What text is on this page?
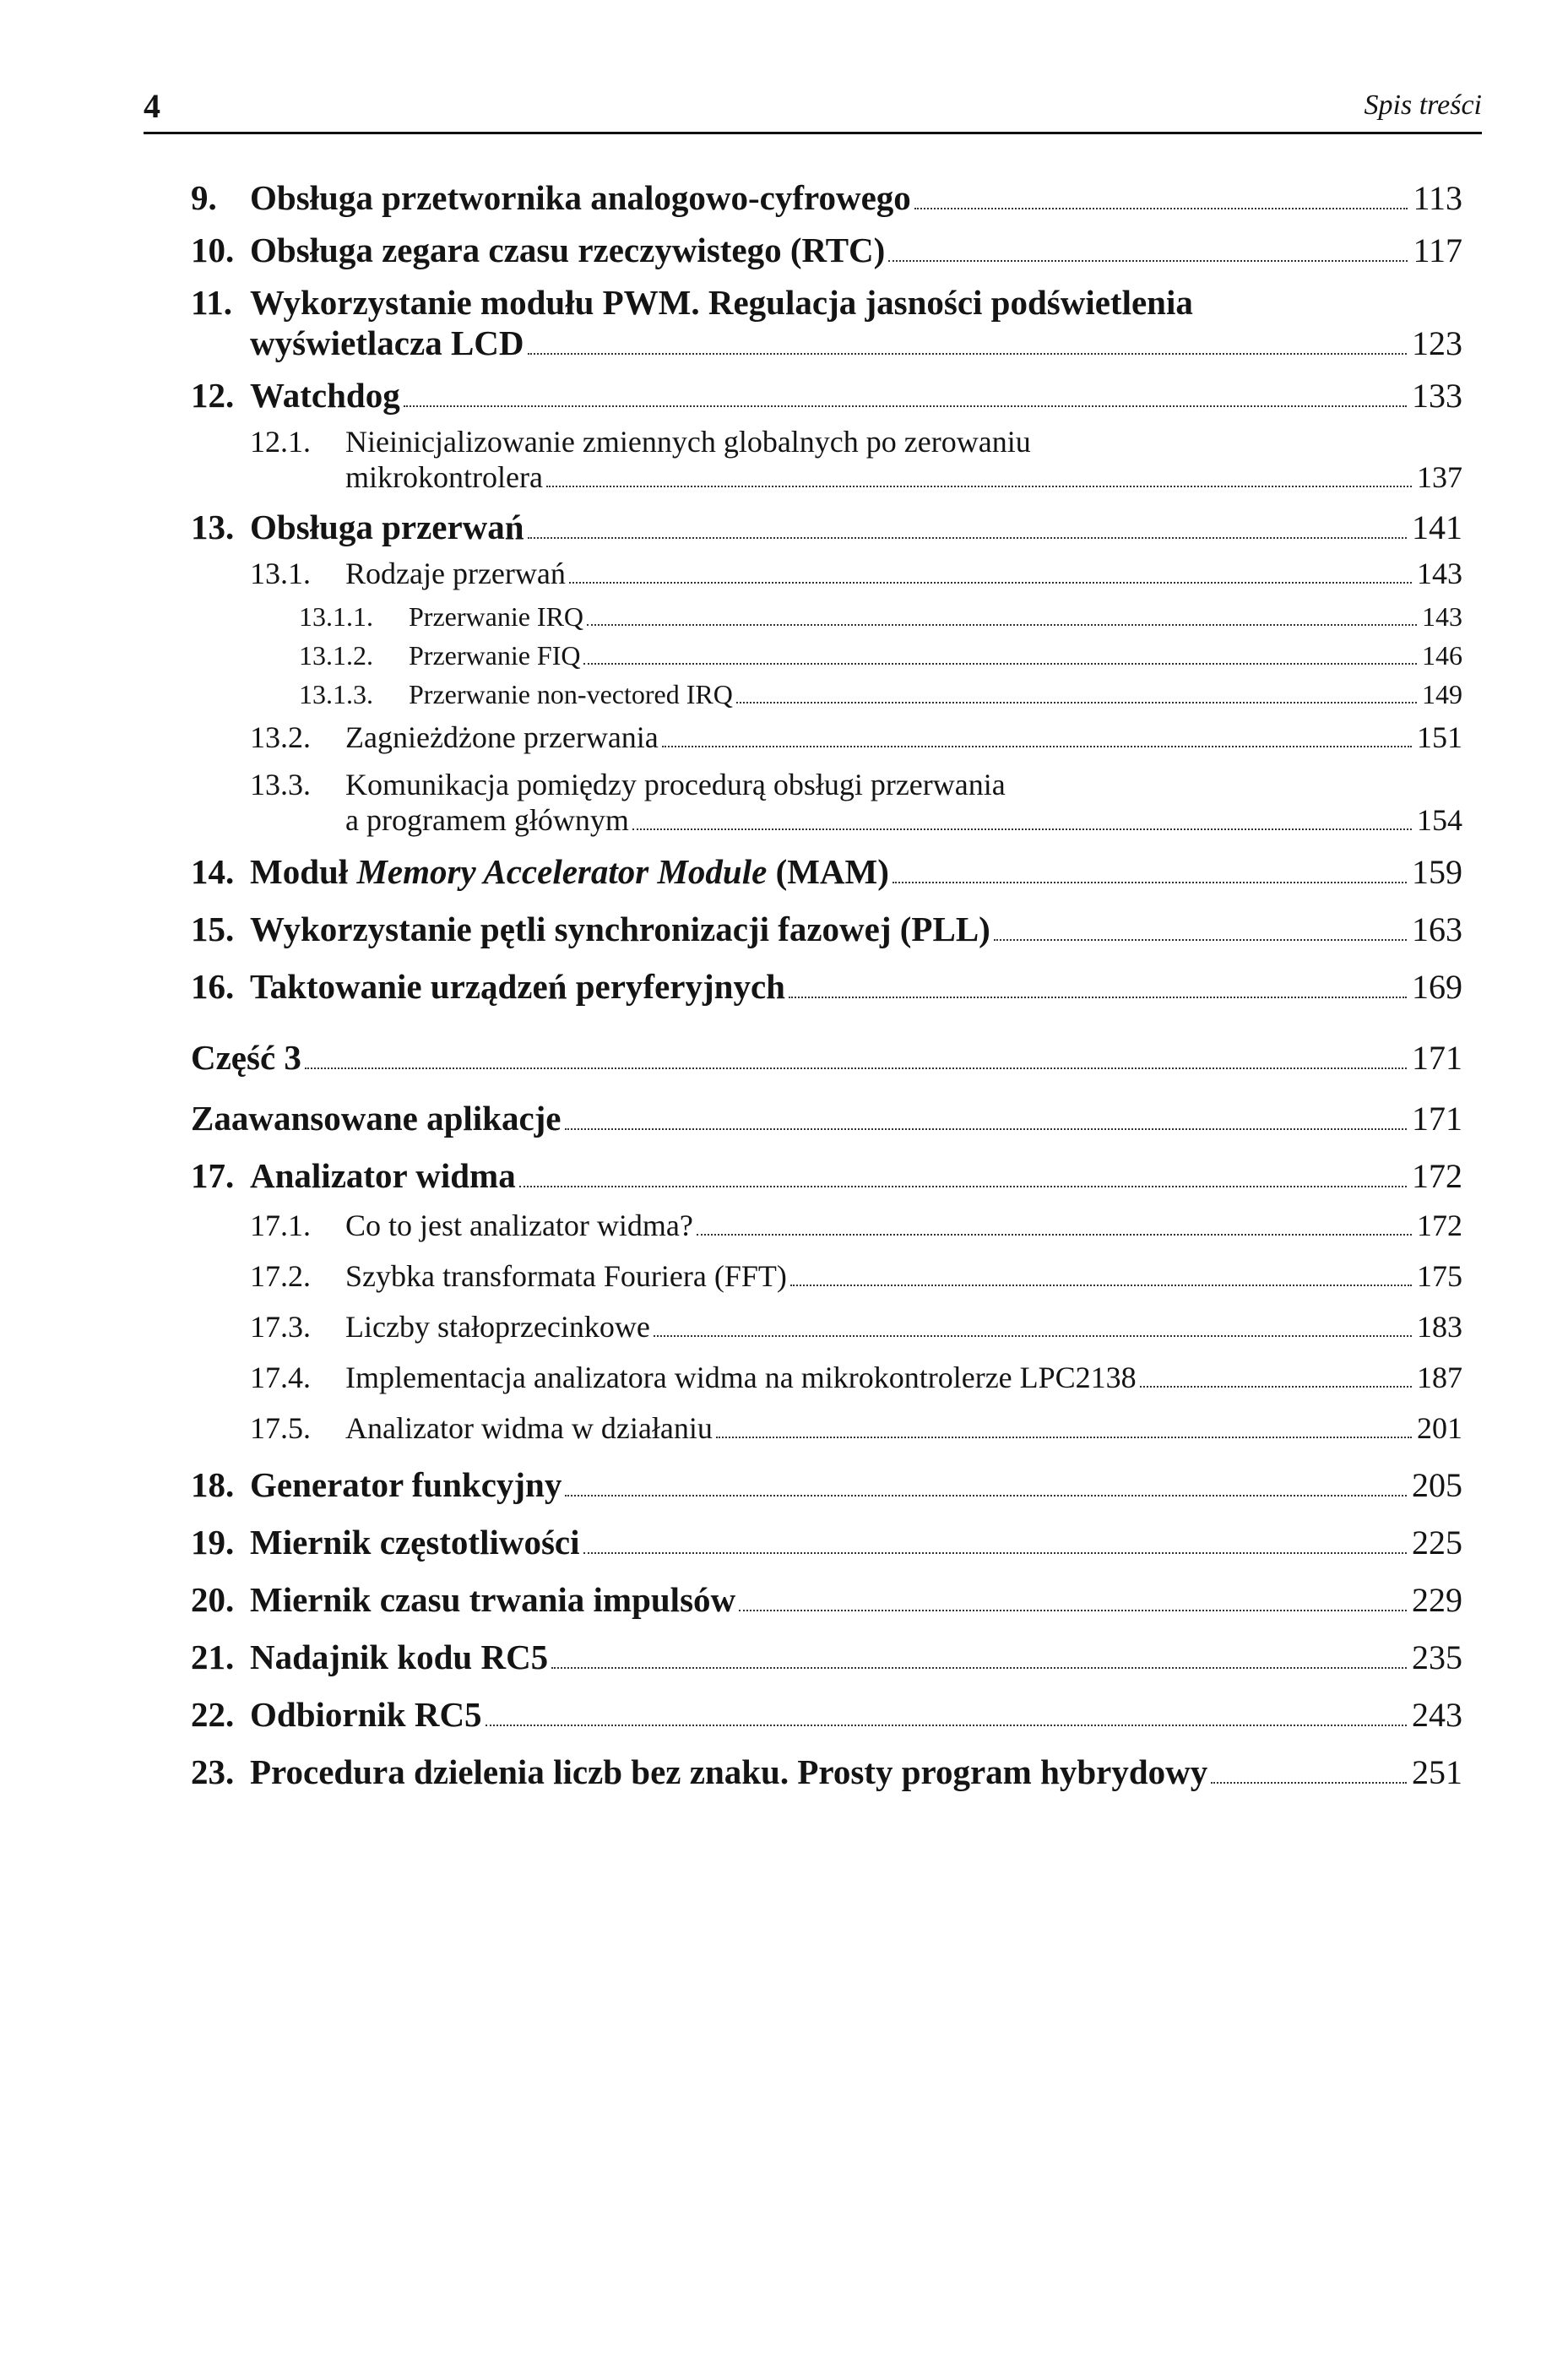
4	Spis treści
9. Obsługa przetwornika analogowo-cyfrowego	113
10. Obsługa zegara czasu rzeczywistego (RTC)	117
11. Wykorzystanie modułu PWM. Regulacja jasności podświetlenia
wyświetlacza LCD	123
12. Watchdog	133
12.1.	Nieinicjalizowanie zmiennych globalnych po zerowaniu
mikrokontrolera	137
13. Obsługa przerwań	141
13.1.	Rodzaje przerwań	143
13.1.1.	Przerwanie IRQ	143
13.1.2.	Przerwanie FIQ	146
13.1.3.	Przerwanie non-vectored IRQ	149
13.2.	Zagnieżdżone przerwania	151
13.3.	Komunikacja pomiędzy procedurą obsługi przerwania
a programem głównym	154
14. Moduł Memory Accelerator Module (MAM)	159
15. Wykorzystanie pętli synchronizacji fazowej (PLL)	163
16. Taktowanie urządzeń peryferyjnych	169
Część 3	171
Zaawansowane aplikacje	171
17. Analizator widma	172
17.1.	Co to jest analizator widma?	172
17.2.	Szybka transformata Fouriera (FFT)	175
17.3.	Liczby stałoprzecinkowe	183
17.4.	Implementacja analizatora widma na mikrokontrolerze LPC2138	187
17.5.	Analizator widma w działaniu	201
18. Generator funkcyjny	205
19. Miernik częstotliwości	225
20. Miernik czasu trwania impulsów	229
21. Nadajnik kodu RC5	235
22. Odbiornik RC5	243
23. Procedura dzielenia liczb bez znaku. Prosty program hybrydowy	251
